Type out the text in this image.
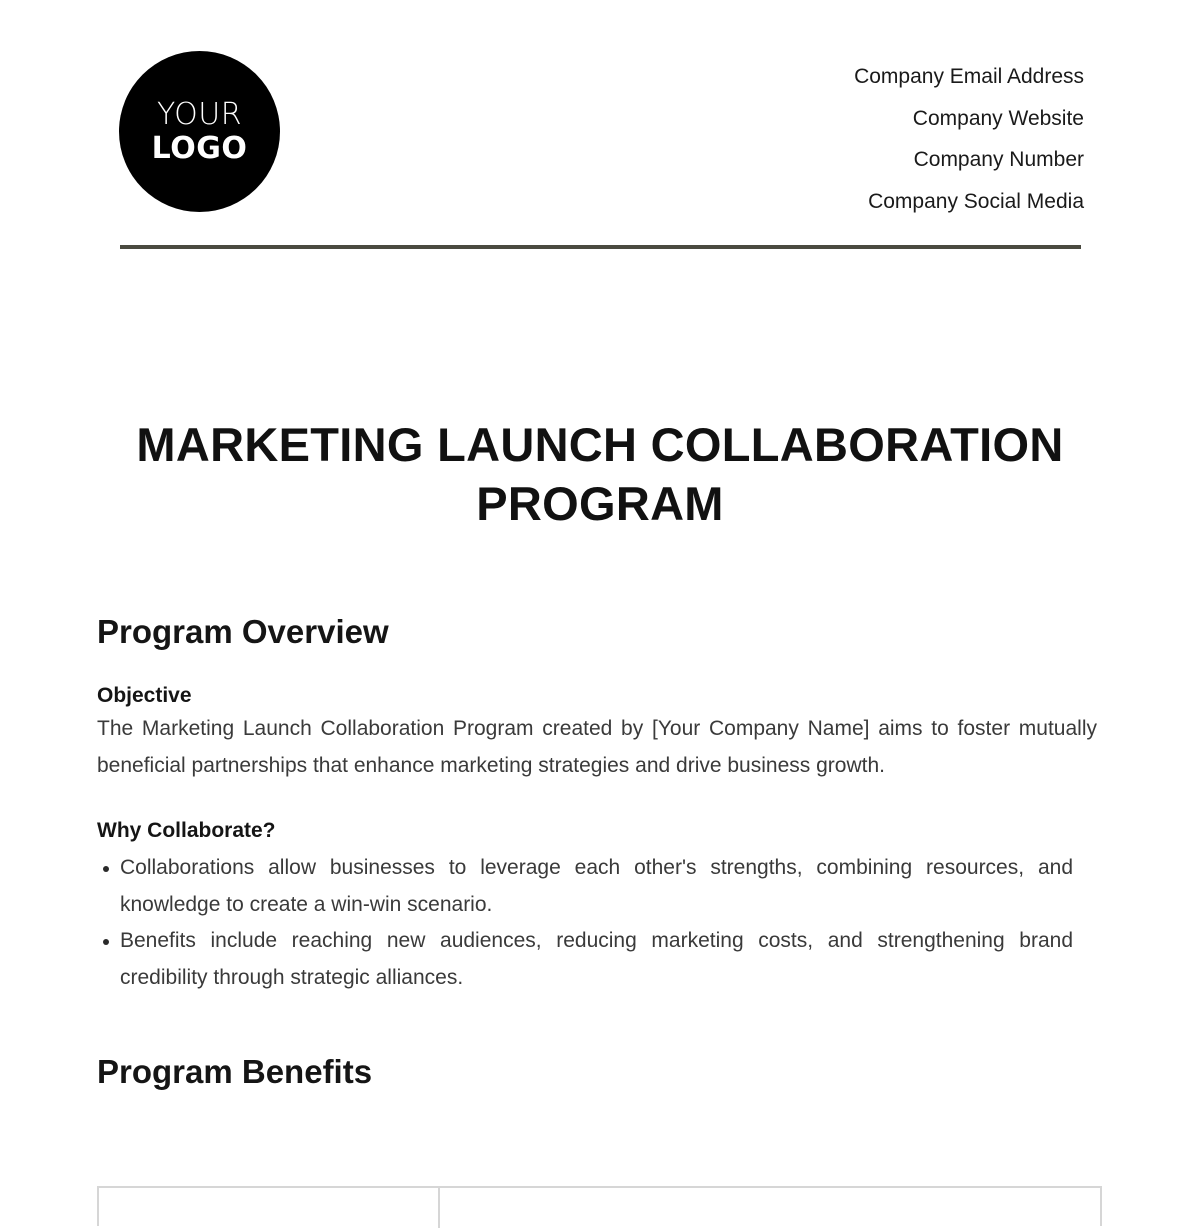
YOUR
LOGO
Company Email Address
Company Website
Company Number
Company Social Media
MARKETING LAUNCH COLLABORATION PROGRAM
Program Overview
Objective

The Marketing Launch Collaboration Program created by [Your Company Name] aims to foster mutually beneficial partnerships that enhance marketing strategies and drive business growth.

Why Collaborate?
Collaborations allow businesses to leverage each other's strengths, combining resources, and knowledge to create a win-win scenario.
Benefits include reaching new audiences, reducing marketing costs, and strengthening brand credibility through strategic alliances.
Program Benefits
